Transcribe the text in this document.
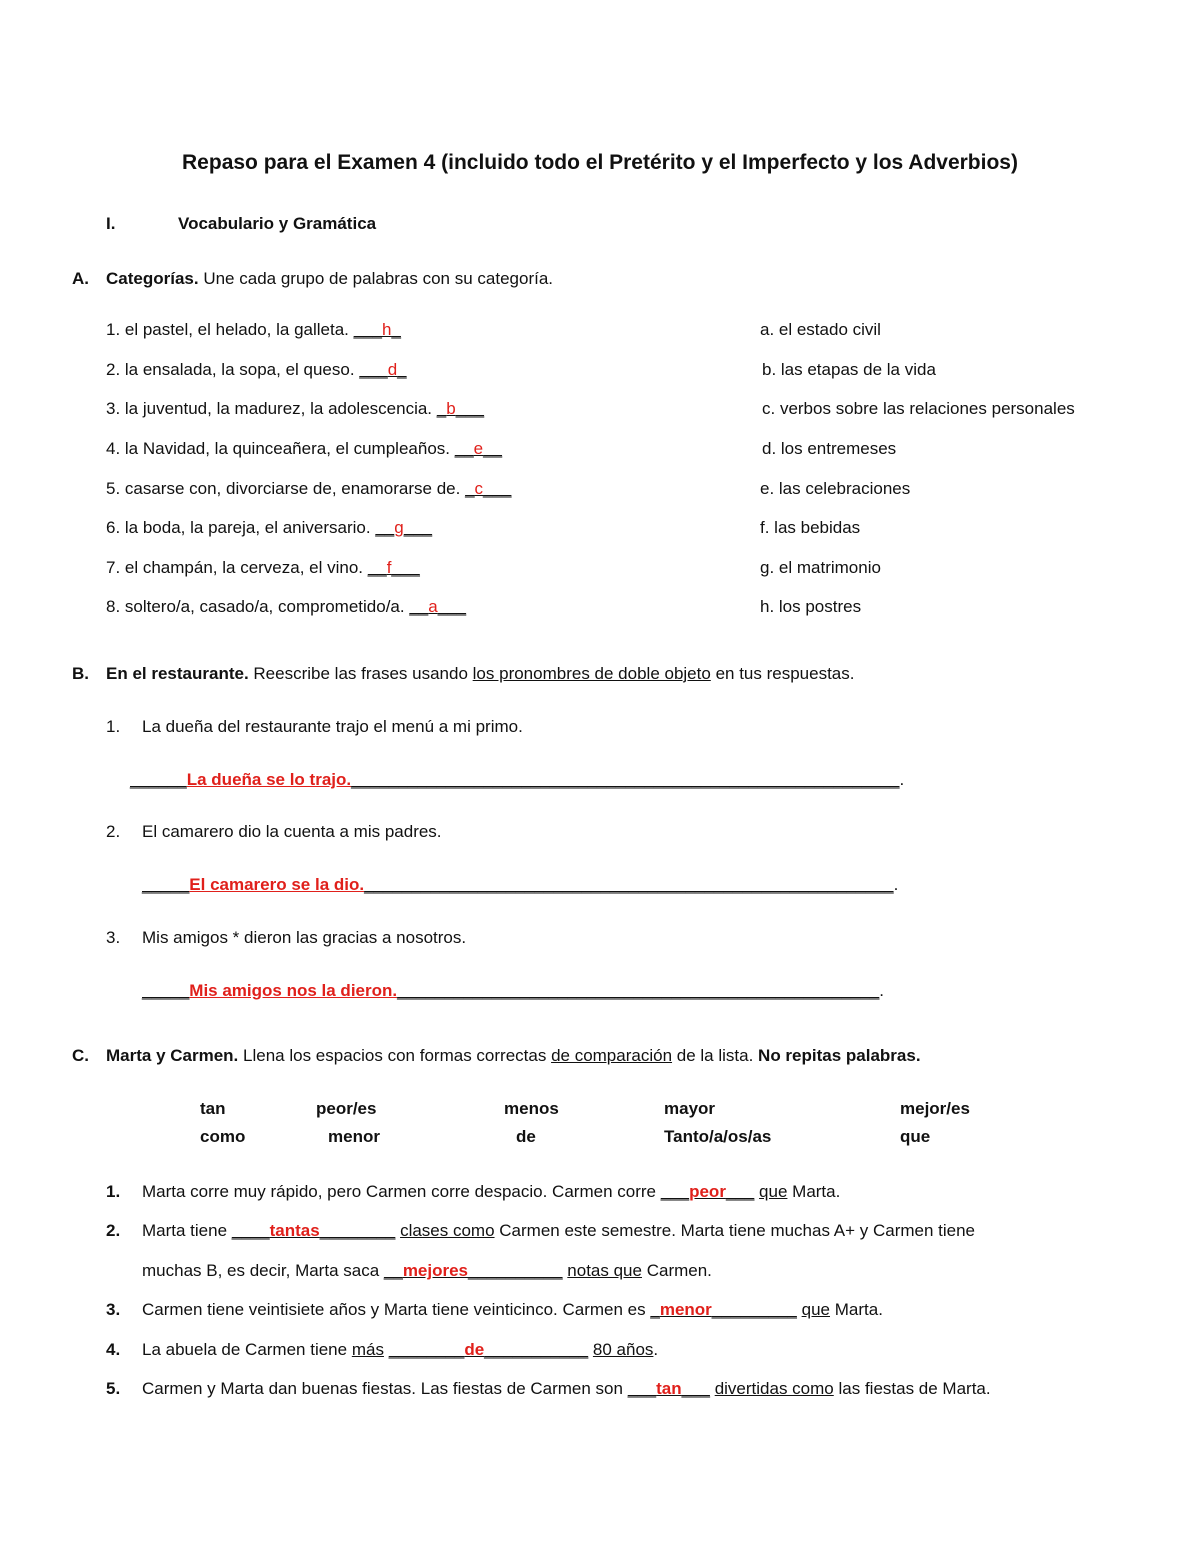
Repaso para el Examen 4 (incluido todo el Pretérito y el Imperfecto y los Adverbios)
I.	Vocabulario y Gramática
A. Categorías. Une cada grupo de palabras con su categoría.
1. el pastel, el helado, la galleta. ___h_
2. la ensalada, la sopa, el queso. ___d_
3. la juventud, la madurez, la adolescencia. _b___
4. la Navidad, la quinceañera, el cumpleaños. __e__
5. casarse con, divorciarse de, enamorarse de. _c___
6. la boda, la pareja, el aniversario. __g___
7. el champán, la cerveza, el vino. __f___
8. soltero/a, casado/a, comprometido/a. __a___
a. el estado civil
b. las etapas de la vida
c. verbos sobre las relaciones personales
d. los entremeses
e. las celebraciones
f. las bebidas
g. el matrimonio
h. los postres
B. En el restaurante. Reescribe las frases usando los pronombres de doble objeto en tus respuestas.
1. La dueña del restaurante trajo el menú a mi primo.
______La dueña se lo trajo.__________________________________________________________.
2. El camarero dio la cuenta a mis padres.
_____El camarero se la dio.________________________________________________________.
3. Mis amigos * dieron las gracias a nosotros.
_____Mis amigos nos la dieron.___________________________________________________.
C. Marta y Carmen. Llena los espacios con formas correctas de comparación de la lista. No repitas palabras.
tan	peor/es	menos	mayor	mejor/es
como	menor	de	Tanto/a/os/as	que
1. Marta corre muy rápido, pero Carmen corre despacio. Carmen corre ___peor___ que Marta.
2. Marta tiene ____tantas________ clases como Carmen este semestre. Marta tiene muchas A+ y Carmen tiene
muchas B, es decir, Marta saca __mejores__________ notas que Carmen.
3. Carmen tiene veintisiete años y Marta tiene veinticinco. Carmen es _menor_________ que Marta.
4. La abuela de Carmen tiene más ________de___________ 80 años.
5. Carmen y Marta dan buenas fiestas. Las fiestas de Carmen son ___tan___ divertidas como las fiestas de Marta.
